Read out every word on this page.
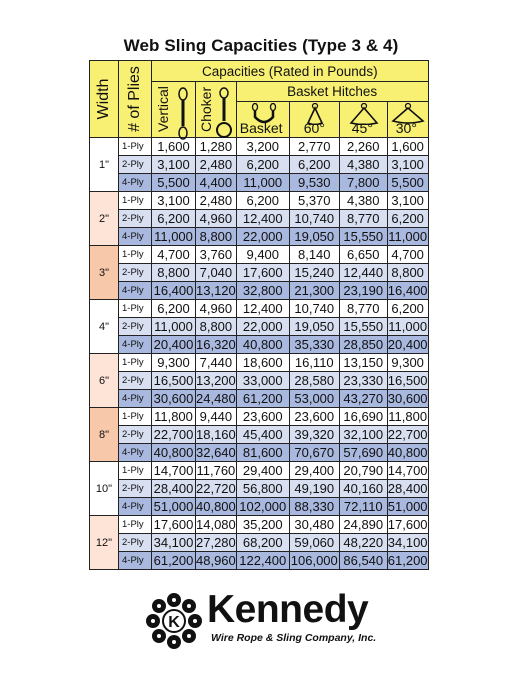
Web Sling Capacities (Type 3 & 4)
Width	# of Plies	Capacities (Rated in Pounds)					

		Vertical	Choker	Basket Hitches			

				Basket	60°	45°	30°

1"	1-Ply	1,600	1,280	3,200	2,770	2,260	1,600
	2-Ply	3,100	2,480	6,200	6,200	4,380	3,100
	4-Ply	5,500	4,400	11,000	9,530	7,800	5,500
2"	1-Ply	3,100	2,480	6,200	5,370	4,380	3,100
	2-Ply	6,200	4,960	12,400	10,740	8,770	6,200
	4-Ply	11,000	8,800	22,000	19,050	15,550	11,000
3"	1-Ply	4,700	3,760	9,400	8,140	6,650	4,700
	2-Ply	8,800	7,040	17,600	15,240	12,440	8,800
	4-Ply	16,400	13,120	32,800	21,300	23,190	16,400
4"	1-Ply	6,200	4,960	12,400	10,740	8,770	6,200
	2-Ply	11,000	8,800	22,000	19,050	15,550	11,000
	4-Ply	20,400	16,320	40,800	35,330	28,850	20,400
6"	1-Ply	9,300	7,440	18,600	16,110	13,150	9,300
	2-Ply	16,500	13,200	33,000	28,580	23,330	16,500
	4-Ply	30,600	24,480	61,200	53,000	43,270	30,600
8"	1-Ply	11,800	9,440	23,600	23,600	16,690	11,800
	2-Ply	22,700	18,160	45,400	39,320	32,100	22,700
	4-Ply	40,800	32,640	81,600	70,670	57,690	40,800
10"	1-Ply	14,700	11,760	29,400	29,400	20,790	14,700
	2-Ply	28,400	22,720	56,800	49,190	40,160	28,400
	4-Ply	51,000	40,800	102,000	88,330	72,110	51,000
12"	1-Ply	17,600	14,080	35,200	30,480	24,890	17,600
	2-Ply	34,100	27,280	68,200	59,060	48,220	34,100
	4-Ply	61,200	48,960	122,400	106,000	86,540	61,200
K Kennedy
Wire Rope & Sling Company, Inc.
